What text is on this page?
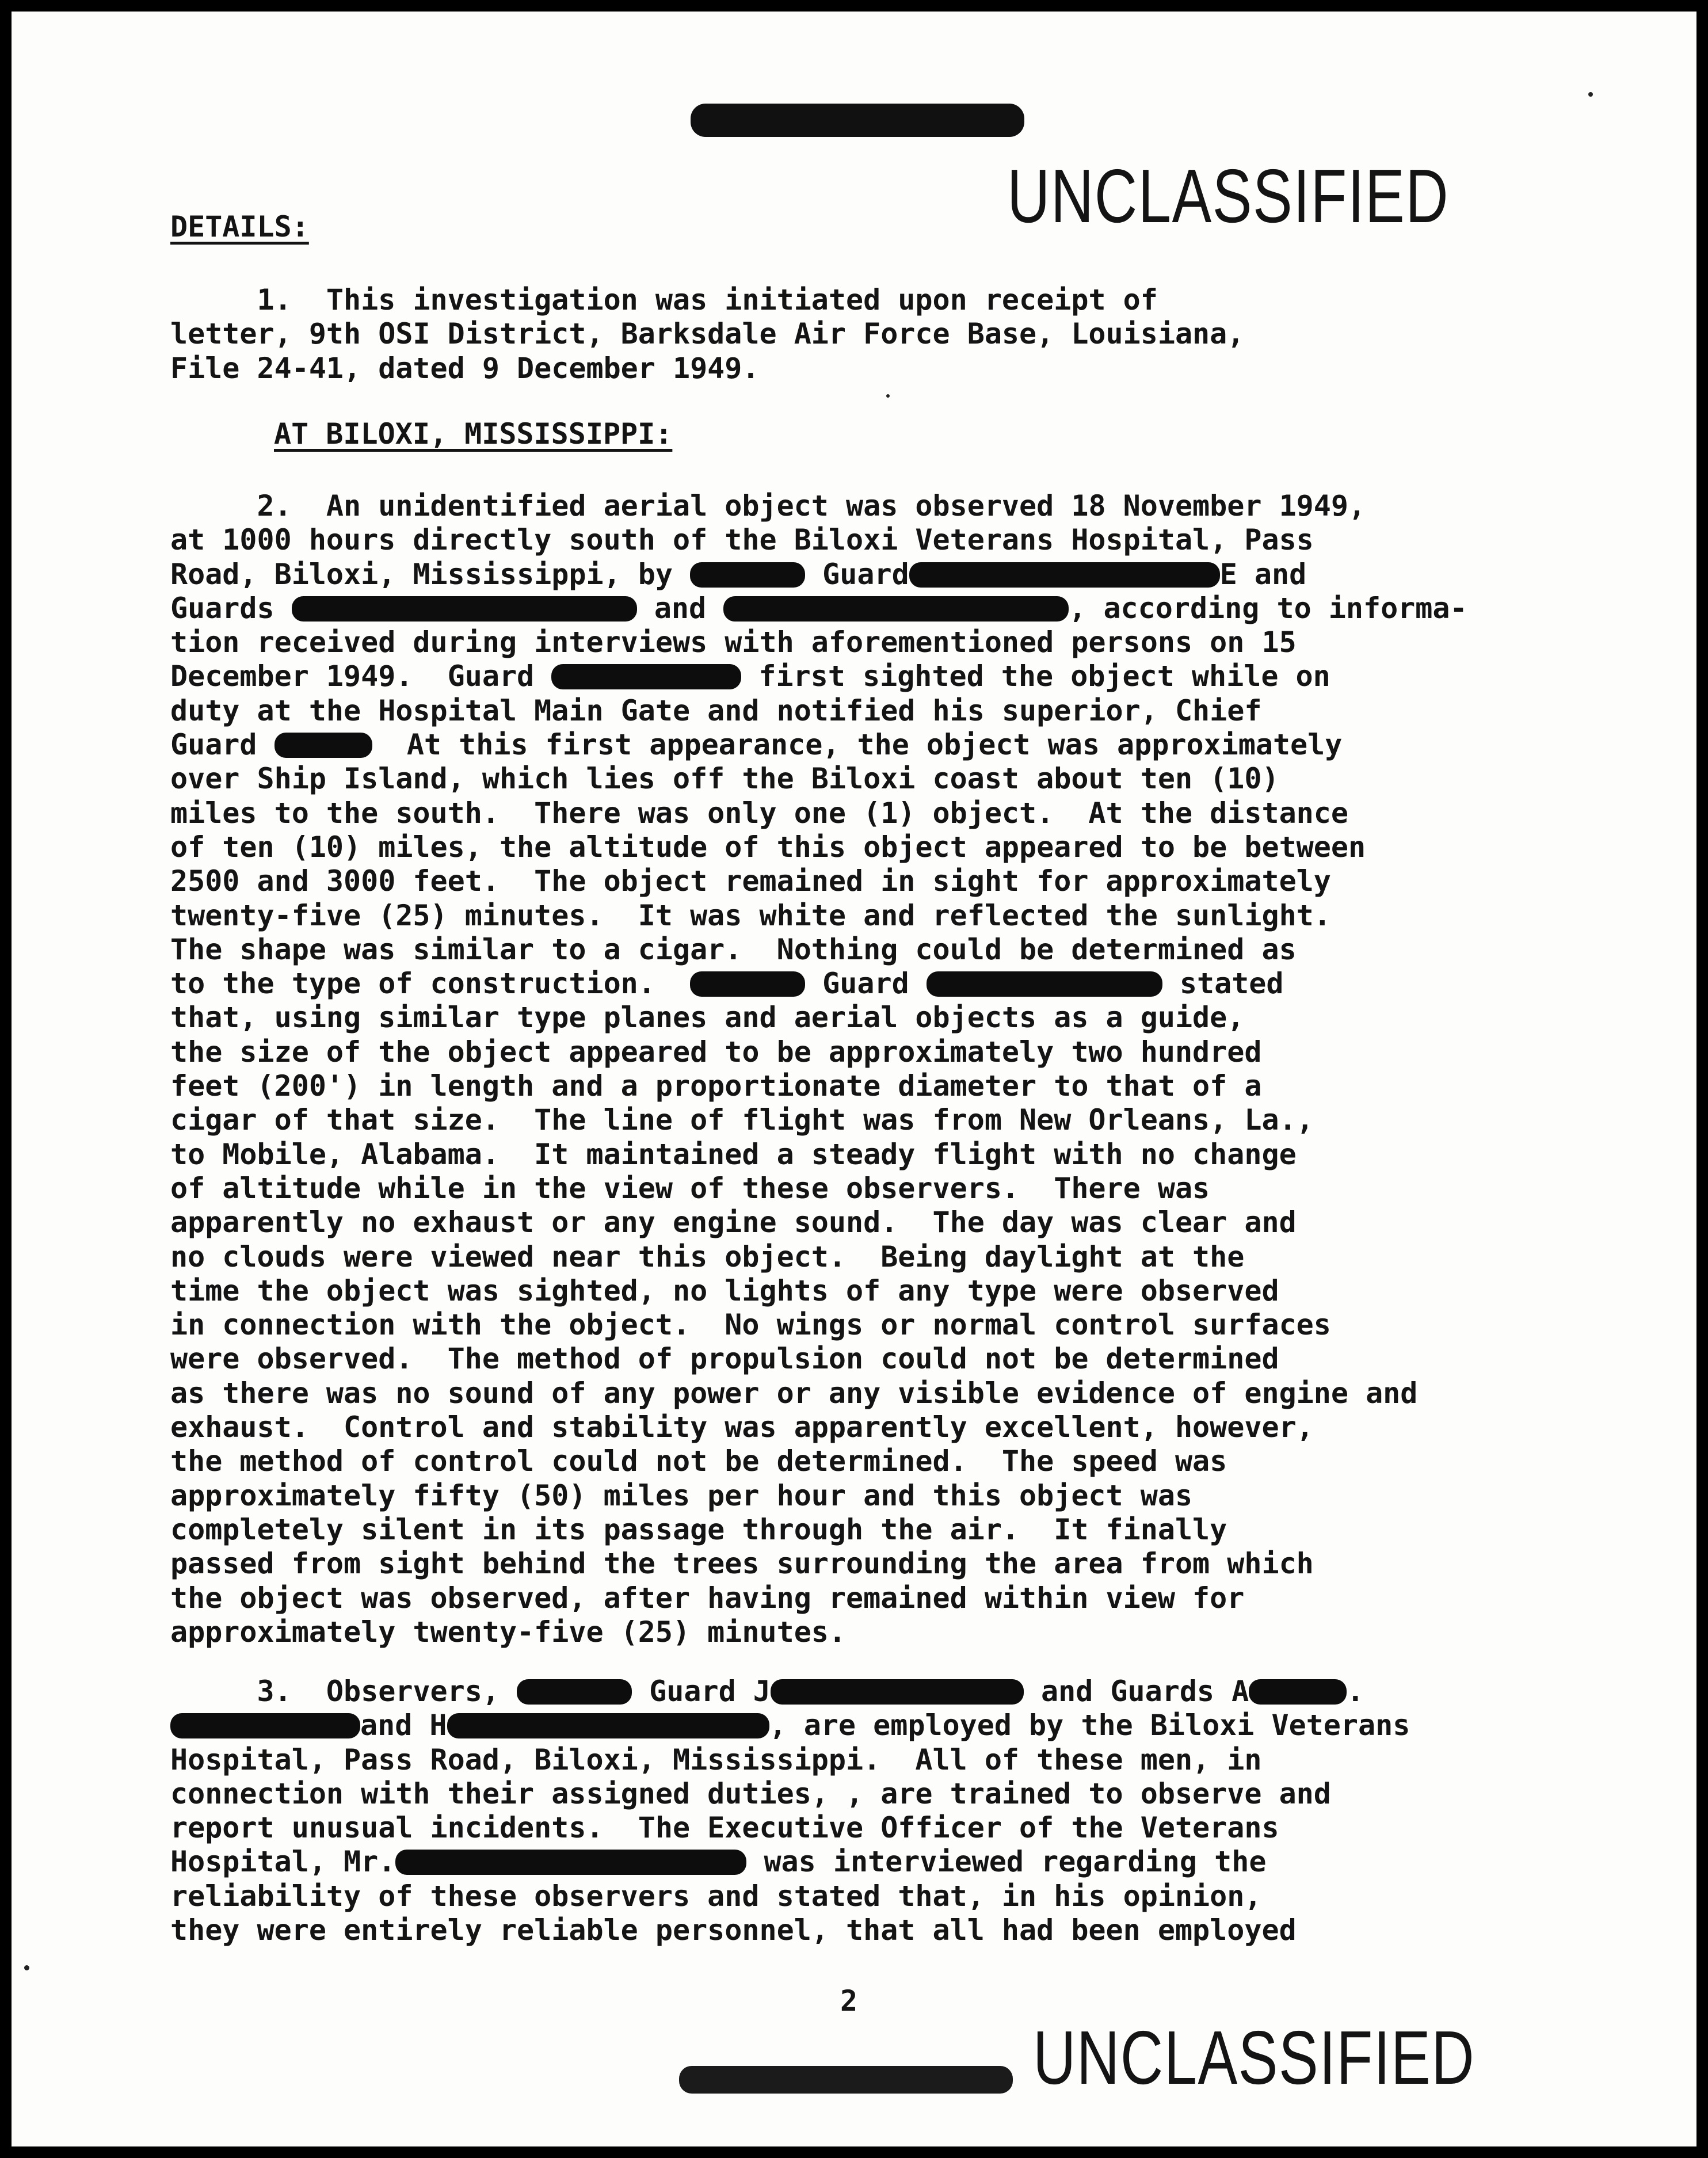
UNCLASSIFIED
DETAILS:
1.  This investigation was initiated upon receipt of
letter, 9th OSI District, Barksdale Air Force Base, Louisiana,
File 24-41, dated 9 December 1949.
AT BILOXI, MISSISSIPPI:
2.  An unidentified aerial object was observed 18 November 1949,
at 1000 hours directly south of the Biloxi Veterans Hospital, Pass
Road, Biloxi, Mississippi, by	Guard	E and
Guards	and	, according to informa-
tion received during interviews with aforementioned persons on 15
December 1949.  Guard	first sighted the object while on
duty at the Hospital Main Gate and notified his superior, Chief
Guard	At this first appearance, the object was approximately
over Ship Island, which lies off the Biloxi coast about ten (10)
miles to the south.  There was only one (1) object.  At the distance
of ten (10) miles, the altitude of this object appeared to be between
2500 and 3000 feet.  The object remained in sight for approximately
twenty-five (25) minutes.  It was white and reflected the sunlight.
The shape was similar to a cigar.  Nothing could be determined as
to the type of construction.	Guard	stated
that, using similar type planes and aerial objects as a guide,
the size of the object appeared to be approximately two hundred
feet (200') in length and a proportionate diameter to that of a
cigar of that size.  The line of flight was from New Orleans, La.,
to Mobile, Alabama.  It maintained a steady flight with no change
of altitude while in the view of these observers.  There was
apparently no exhaust or any engine sound.  The day was clear and
no clouds were viewed near this object.  Being daylight at the
time the object was sighted, no lights of any type were observed
in connection with the object.  No wings or normal control surfaces
were observed.  The method of propulsion could not be determined
as there was no sound of any power or any visible evidence of engine and
exhaust.  Control and stability was apparently excellent, however,
the method of control could not be determined.  The speed was
approximately fifty (50) miles per hour and this object was
completely silent in its passage through the air.  It finally
passed from sight behind the trees surrounding the area from which
the object was observed, after having remained within view for
approximately twenty-five (25) minutes.
3.  Observers,	Guard J	and Guards A	.
and H	, are employed by the Biloxi Veterans
Hospital, Pass Road, Biloxi, Mississippi.  All of these men, in
connection with their assigned duties, , are trained to observe and
report unusual incidents.  The Executive Officer of the Veterans
Hospital, Mr.	was interviewed regarding the
reliability of these observers and stated that, in his opinion,
they were entirely reliable personnel, that all had been employed
2
UNCLASSIFIED
